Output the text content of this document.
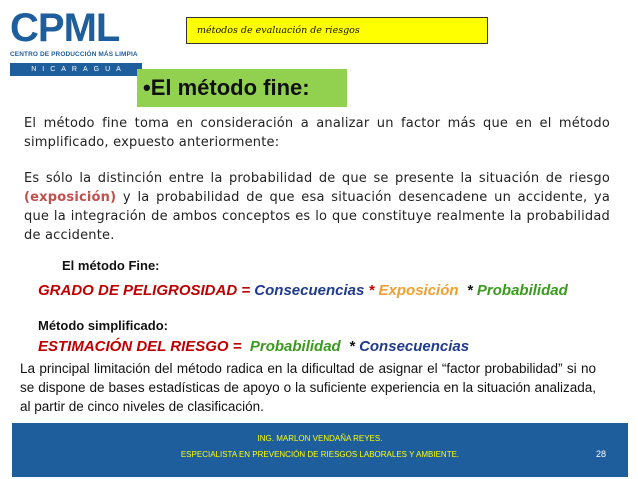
CPML
CENTRO DE PRODUCCIÓN MÁS LIMPIA
NICARAGUA
métodos de evaluación de riesgos
•El método fine:

El método fine toma en consideración a analizar un factor más que en el método simplificado, expuesto anteriormente:

Es sólo la distinción entre la probabilidad de que se presente la situación de riesgo (exposición) y la probabilidad de que esa situación desencadene un accidente, ya que la integración de ambos conceptos es lo que constituye realmente la probabilidad de accidente.

El método Fine:
GRADO DE PELIGROSIDAD = Consecuencias * Exposición * Probabilidad
Método simplificado:
ESTIMACIÓN DEL RIESGO = Probabilidad * Consecuencias

La principal limitación del método radica en la dificultad de asignar el “factor probabilidad” si no se dispone de bases estadísticas de apoyo o la suficiente experiencia en la situación analizada, al partir de cinco niveles de clasificación.

ING. MARLON VENDAÑA REYES.
ESPECIALISTA EN PREVENCIÓN DE RIESGOS LABORALES Y AMBIENTE.	28
